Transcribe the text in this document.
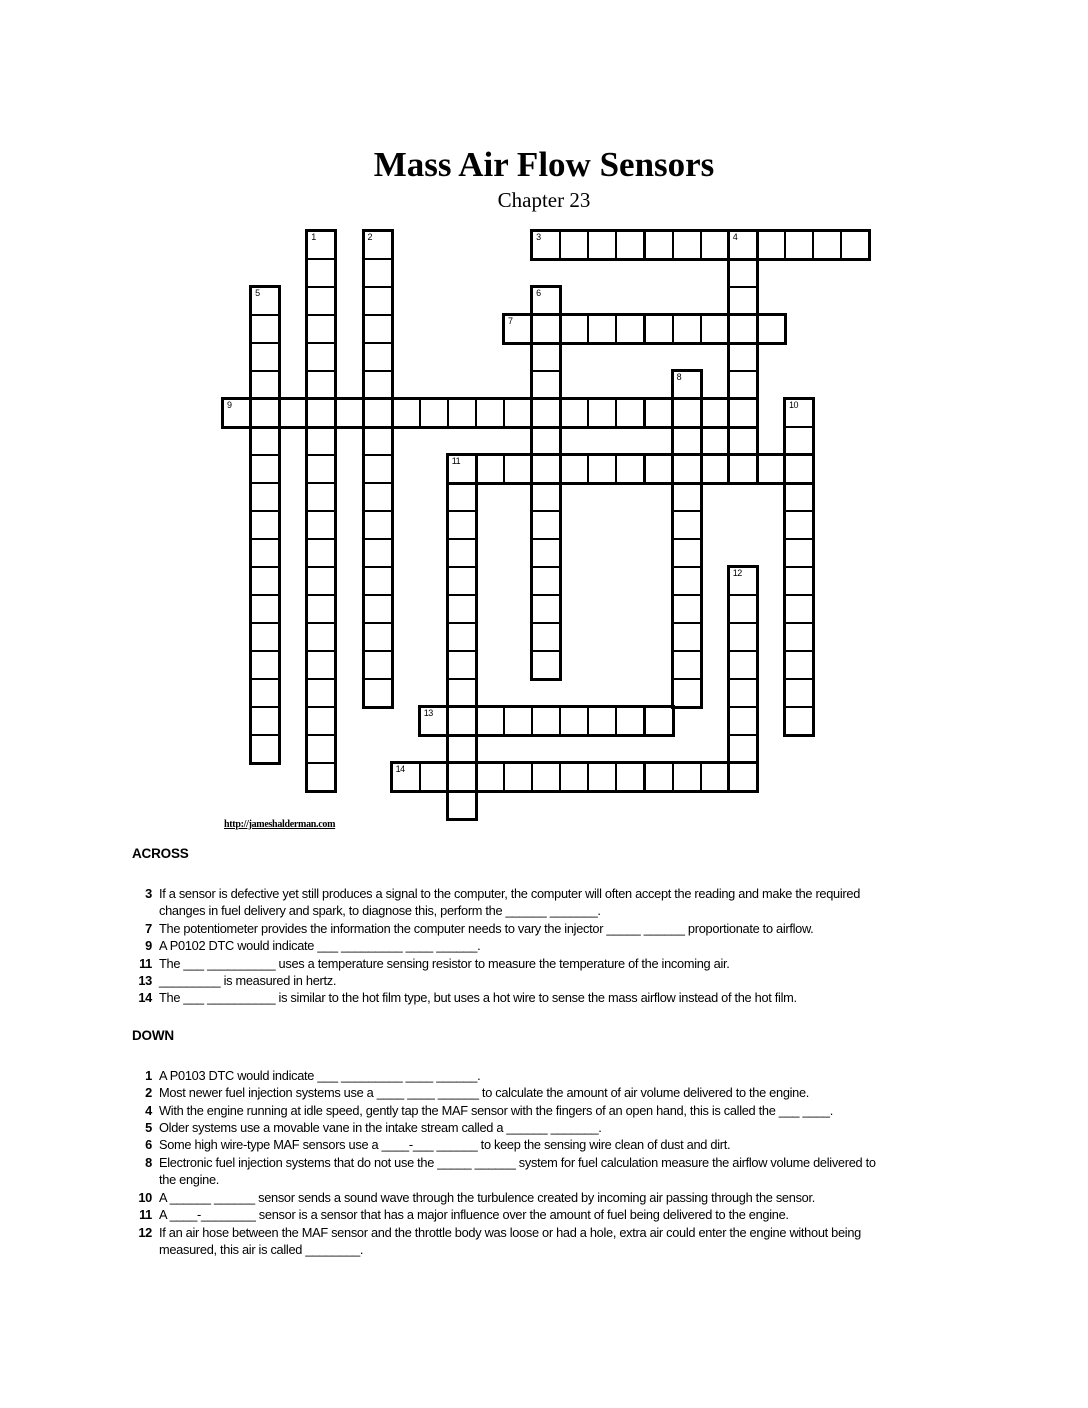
Mass Air Flow Sensors
Chapter 23
3	4
7
9
11
13
14
1	2
5	6
8
10
12
http://jameshalderman.com
ACROSS
3 If a sensor is defective yet still produces a signal to the computer, the computer will often accept the reading and make the required changes in fuel delivery and spark, to diagnose this, perform the ______ _______.
7 The potentiometer provides the information the computer needs to vary the injector _____ ______ proportionate to airflow.
9 A P0102 DTC would indicate ___ _________ ____ ______.
11 The ___ __________ uses a temperature sensing resistor to measure the temperature of the incoming air.
13 _________ is measured in hertz.
14 The ___ __________ is similar to the hot film type, but uses a hot wire to sense the mass airflow instead of the hot film.
DOWN
1 A P0103 DTC would indicate ___ _________ ____ ______.
2 Most newer fuel injection systems use a ____ ____ ______ to calculate the amount of air volume delivered to the engine.
4 With the engine running at idle speed, gently tap the MAF sensor with the fingers of an open hand, this is called the ___ ____.
5 Older systems use a movable vane in the intake stream called a ______ _______.
6 Some high wire-type MAF sensors use a ____-___ ______ to keep the sensing wire clean of dust and dirt.
8 Electronic fuel injection systems that do not use the _____ ______ system for fuel calculation measure the airflow volume delivered to the engine.
10 A ______ ______ sensor sends a sound wave through the turbulence created by incoming air passing through the sensor.
11 A ____-________ sensor is a sensor that has a major influence over the amount of fuel being delivered to the engine.
12 If an air hose between the MAF sensor and the throttle body was loose or had a hole, extra air could enter the engine without being measured, this air is called ________.
